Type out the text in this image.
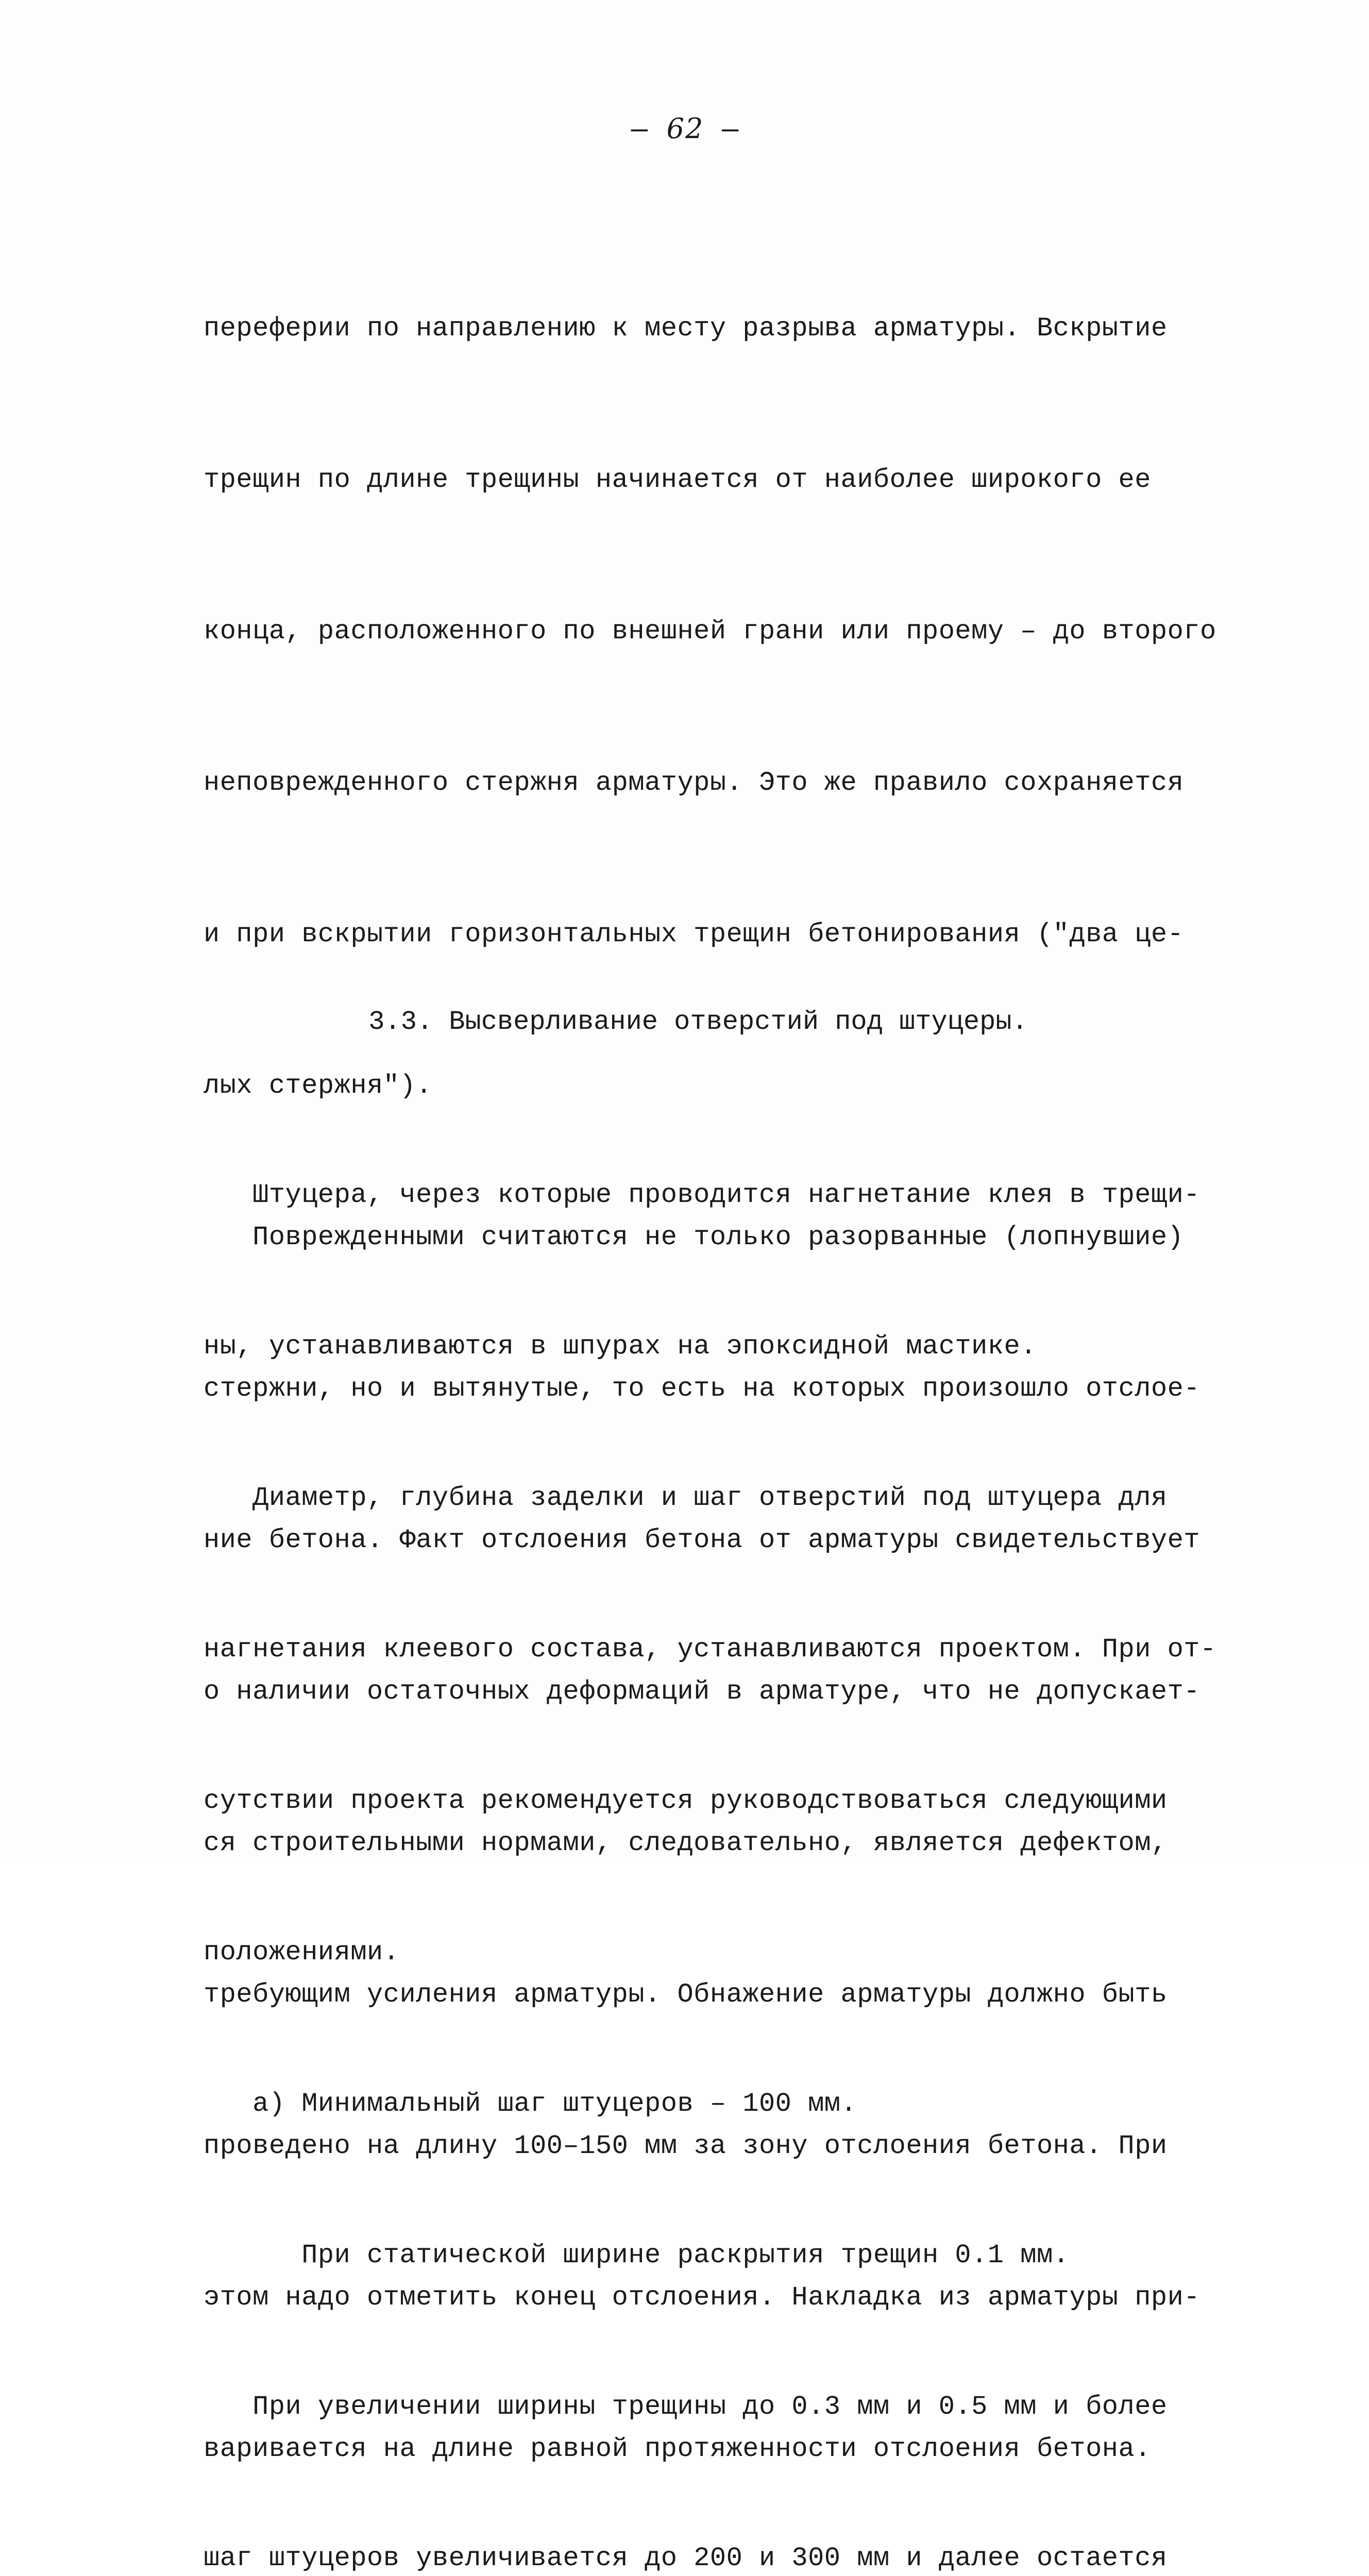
– 62 –

переферии по направлению к месту разрыва арматуры. Вскрытие

трещин по длине трещины начинается от наиболее широкого ее

конца, расположенного по внешней грани или проему – до второго

неповрежденного стержня арматуры. Это же правило сохраняется

и при вскрытии горизонтальных трещин бетонирования ("два це-

лых стержня").

Поврежденными считаются не только разорванные (лопнувшие)

стержни, но и вытянутые, то есть на которых произошло отслое-

ние бетона. Факт отслоения бетона от арматуры свидетельствует

о наличии остаточных деформаций в арматуре, что не допускает-

ся строительными нормами, следовательно, является дефектом,

требующим усиления арматуры. Обнажение арматуры должно быть

проведено на длину 100–150 мм за зону отслоения бетона. При

этом надо отметить конец отслоения. Накладка из арматуры при-

варивается на длине равной протяженности отслоения бетона.

3.3. Высверливание отверстий под штуцеры.

Штуцера, через которые проводится нагнетание клея в трещи-

ны, устанавливаются в шпурах на эпоксидной мастике.

Диаметр, глубина заделки и шаг отверстий под штуцера для

нагнетания клеевого состава, устанавливаются проектом. При от-

сутствии проекта рекомендуется руководствоваться следующими

положениями.

а) Минимальный шаг штуцеров – 100 мм.

При статической ширине раскрытия трещин 0.1 мм.

При увеличении ширины трещины до 0.3 мм и 0.5 мм и более

шаг штуцеров увеличивается до 200 и 300 мм и далее остается
